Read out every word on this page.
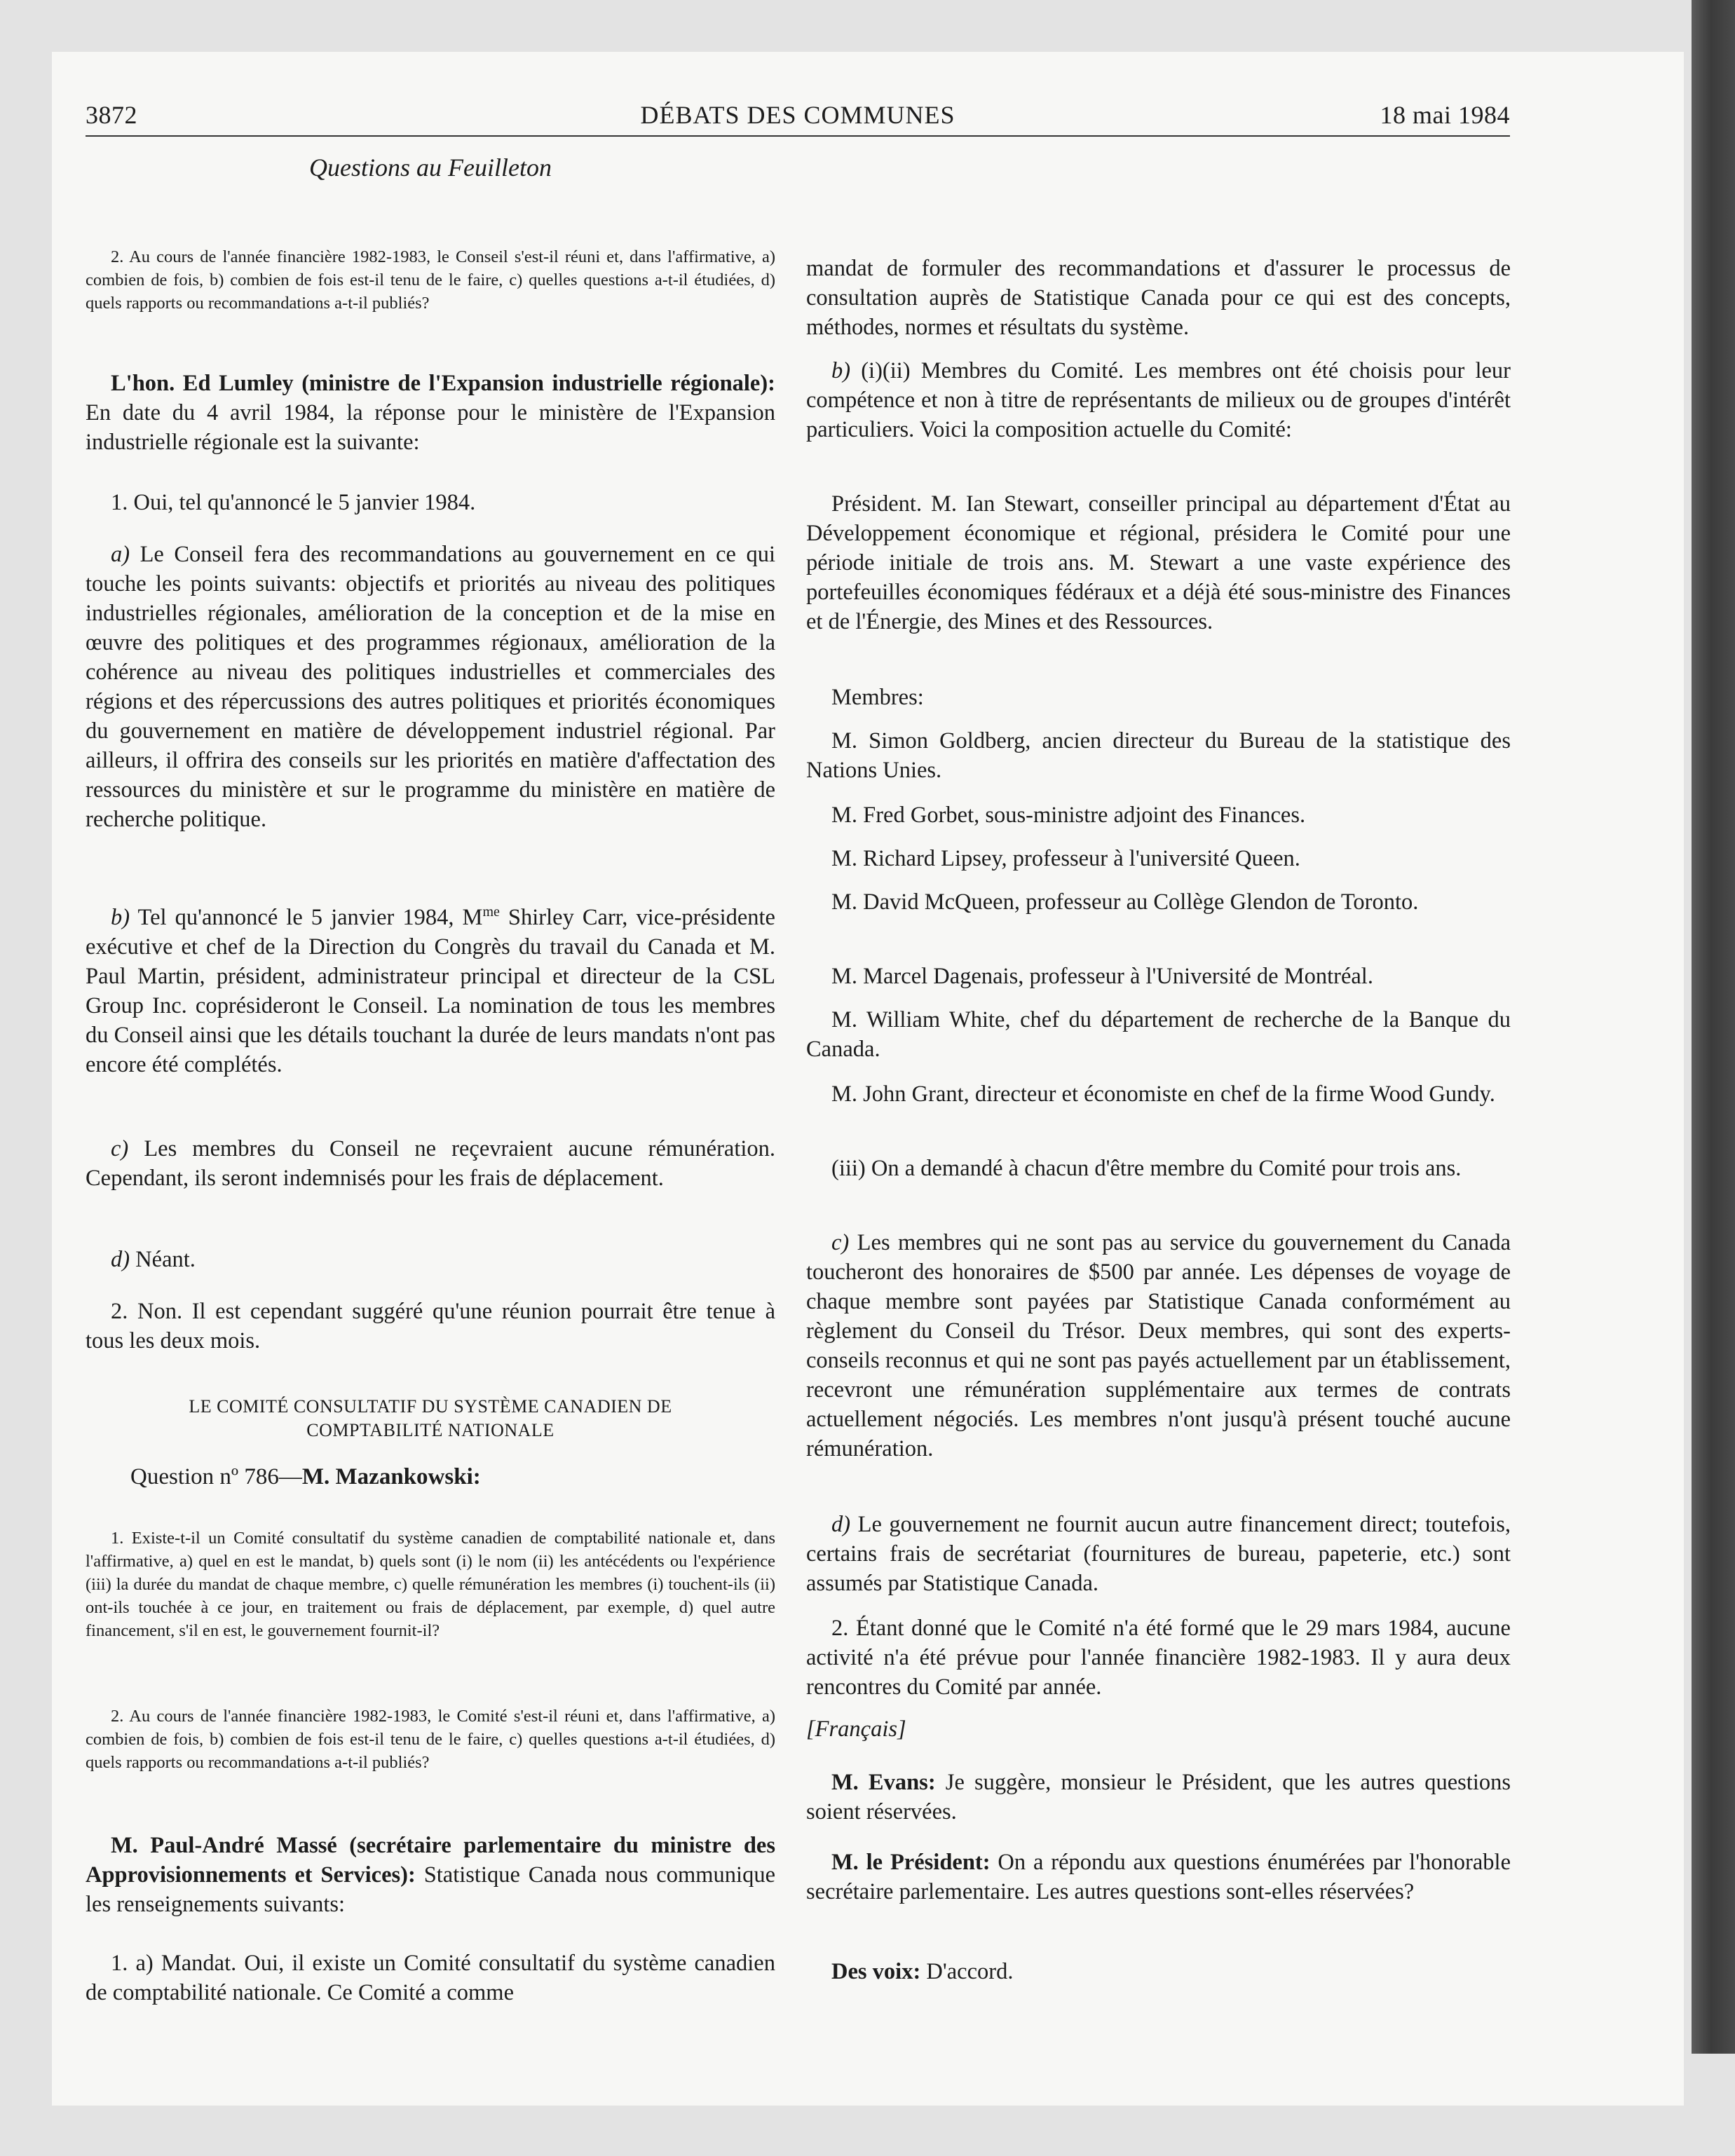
3872	DÉBATS DES COMMUNES	18 mai 1984
Questions au Feuilleton

2. Au cours de l'année financière 1982-1983, le Conseil s'est-il réuni et, dans l'affirmative, a) combien de fois, b) combien de fois est-il tenu de le faire, c) quelles questions a-t-il étudiées, d) quels rapports ou recommandations a-t-il publiés?

L'hon. Ed Lumley (ministre de l'Expansion industrielle régionale): En date du 4 avril 1984, la réponse pour le ministère de l'Expansion industrielle régionale est la suivante:

1. Oui, tel qu'annoncé le 5 janvier 1984.

a) Le Conseil fera des recommandations au gouvernement en ce qui touche les points suivants: objectifs et priorités au niveau des politiques industrielles régionales, amélioration de la conception et de la mise en œuvre des politiques et des programmes régionaux, amélioration de la cohérence au niveau des politiques industrielles et commerciales des régions et des répercussions des autres politiques et priorités économiques du gouvernement en matière de développement industriel régional. Par ailleurs, il offrira des conseils sur les priorités en matière d'affectation des ressources du ministère et sur le programme du ministère en matière de recherche politique.

b) Tel qu'annoncé le 5 janvier 1984, $M^{me}$ Shirley Carr, vice-présidente exécutive et chef de la Direction du Congrès du travail du Canada et M. Paul Martin, président, administrateur principal et directeur de la CSL Group Inc. coprésideront le Conseil. La nomination de tous les membres du Conseil ainsi que les détails touchant la durée de leurs mandats n'ont pas encore été complétés.

c) Les membres du Conseil ne reçevraient aucune rémunération. Cependant, ils seront indemnisés pour les frais de déplacement.

d) Néant.

2. Non. Il est cependant suggéré qu'une réunion pourrait être tenue à tous les deux mois.

LE COMITÉ CONSULTATIF DU SYSTÈME CANADIEN DE
COMPTABILITÉ NATIONALE

Question nº 786—M. Mazankowski:

1. Existe-t-il un Comité consultatif du système canadien de comptabilité nationale et, dans l'affirmative, a) quel en est le mandat, b) quels sont (i) le nom (ii) les antécédents ou l'expérience (iii) la durée du mandat de chaque membre, c) quelle rémunération les membres (i) touchent-ils (ii) ont-ils touchée à ce jour, en traitement ou frais de déplacement, par exemple, d) quel autre financement, s'il en est, le gouvernement fournit-il?

2. Au cours de l'année financière 1982-1983, le Comité s'est-il réuni et, dans l'affirmative, a) combien de fois, b) combien de fois est-il tenu de le faire, c) quelles questions a-t-il étudiées, d) quels rapports ou recommandations a-t-il publiés?

M. Paul-André Massé (secrétaire parlementaire du ministre des Approvisionnements et Services): Statistique Canada nous communique les renseignements suivants:

1. a) Mandat. Oui, il existe un Comité consultatif du système canadien de comptabilité nationale. Ce Comité a comme

mandat de formuler des recommandations et d'assurer le processus de consultation auprès de Statistique Canada pour ce qui est des concepts, méthodes, normes et résultats du système.

b) (i)(ii) Membres du Comité. Les membres ont été choisis pour leur compétence et non à titre de représentants de milieux ou de groupes d'intérêt particuliers. Voici la composition actuelle du Comité:

Président. M. Ian Stewart, conseiller principal au département d'État au Développement économique et régional, présidera le Comité pour une période initiale de trois ans. M. Stewart a une vaste expérience des portefeuilles économiques fédéraux et a déjà été sous-ministre des Finances et de l'Énergie, des Mines et des Ressources.

Membres:

M. Simon Goldberg, ancien directeur du Bureau de la statistique des Nations Unies.

M. Fred Gorbet, sous-ministre adjoint des Finances.

M. Richard Lipsey, professeur à l'université Queen.

M. David McQueen, professeur au Collège Glendon de Toronto.

M. Marcel Dagenais, professeur à l'Université de Montréal.

M. William White, chef du département de recherche de la Banque du Canada.

M. John Grant, directeur et économiste en chef de la firme Wood Gundy.

(iii) On a demandé à chacun d'être membre du Comité pour trois ans.

c) Les membres qui ne sont pas au service du gouvernement du Canada toucheront des honoraires de $500 par année. Les dépenses de voyage de chaque membre sont payées par Statistique Canada conformément au règlement du Conseil du Trésor. Deux membres, qui sont des experts-conseils reconnus et qui ne sont pas payés actuellement par un établissement, recevront une rémunération supplémentaire aux termes de contrats actuellement négociés. Les membres n'ont jusqu'à présent touché aucune rémunération.

d) Le gouvernement ne fournit aucun autre financement direct; toutefois, certains frais de secrétariat (fournitures de bureau, papeterie, etc.) sont assumés par Statistique Canada.

2. Étant donné que le Comité n'a été formé que le 29 mars 1984, aucune activité n'a été prévue pour l'année financière 1982-1983. Il y aura deux rencontres du Comité par année.

[Français]

M. Evans: Je suggère, monsieur le Président, que les autres questions soient réservées.

M. le Président: On a répondu aux questions énumérées par l'honorable secrétaire parlementaire. Les autres questions sont-elles réservées?

Des voix: D'accord.
